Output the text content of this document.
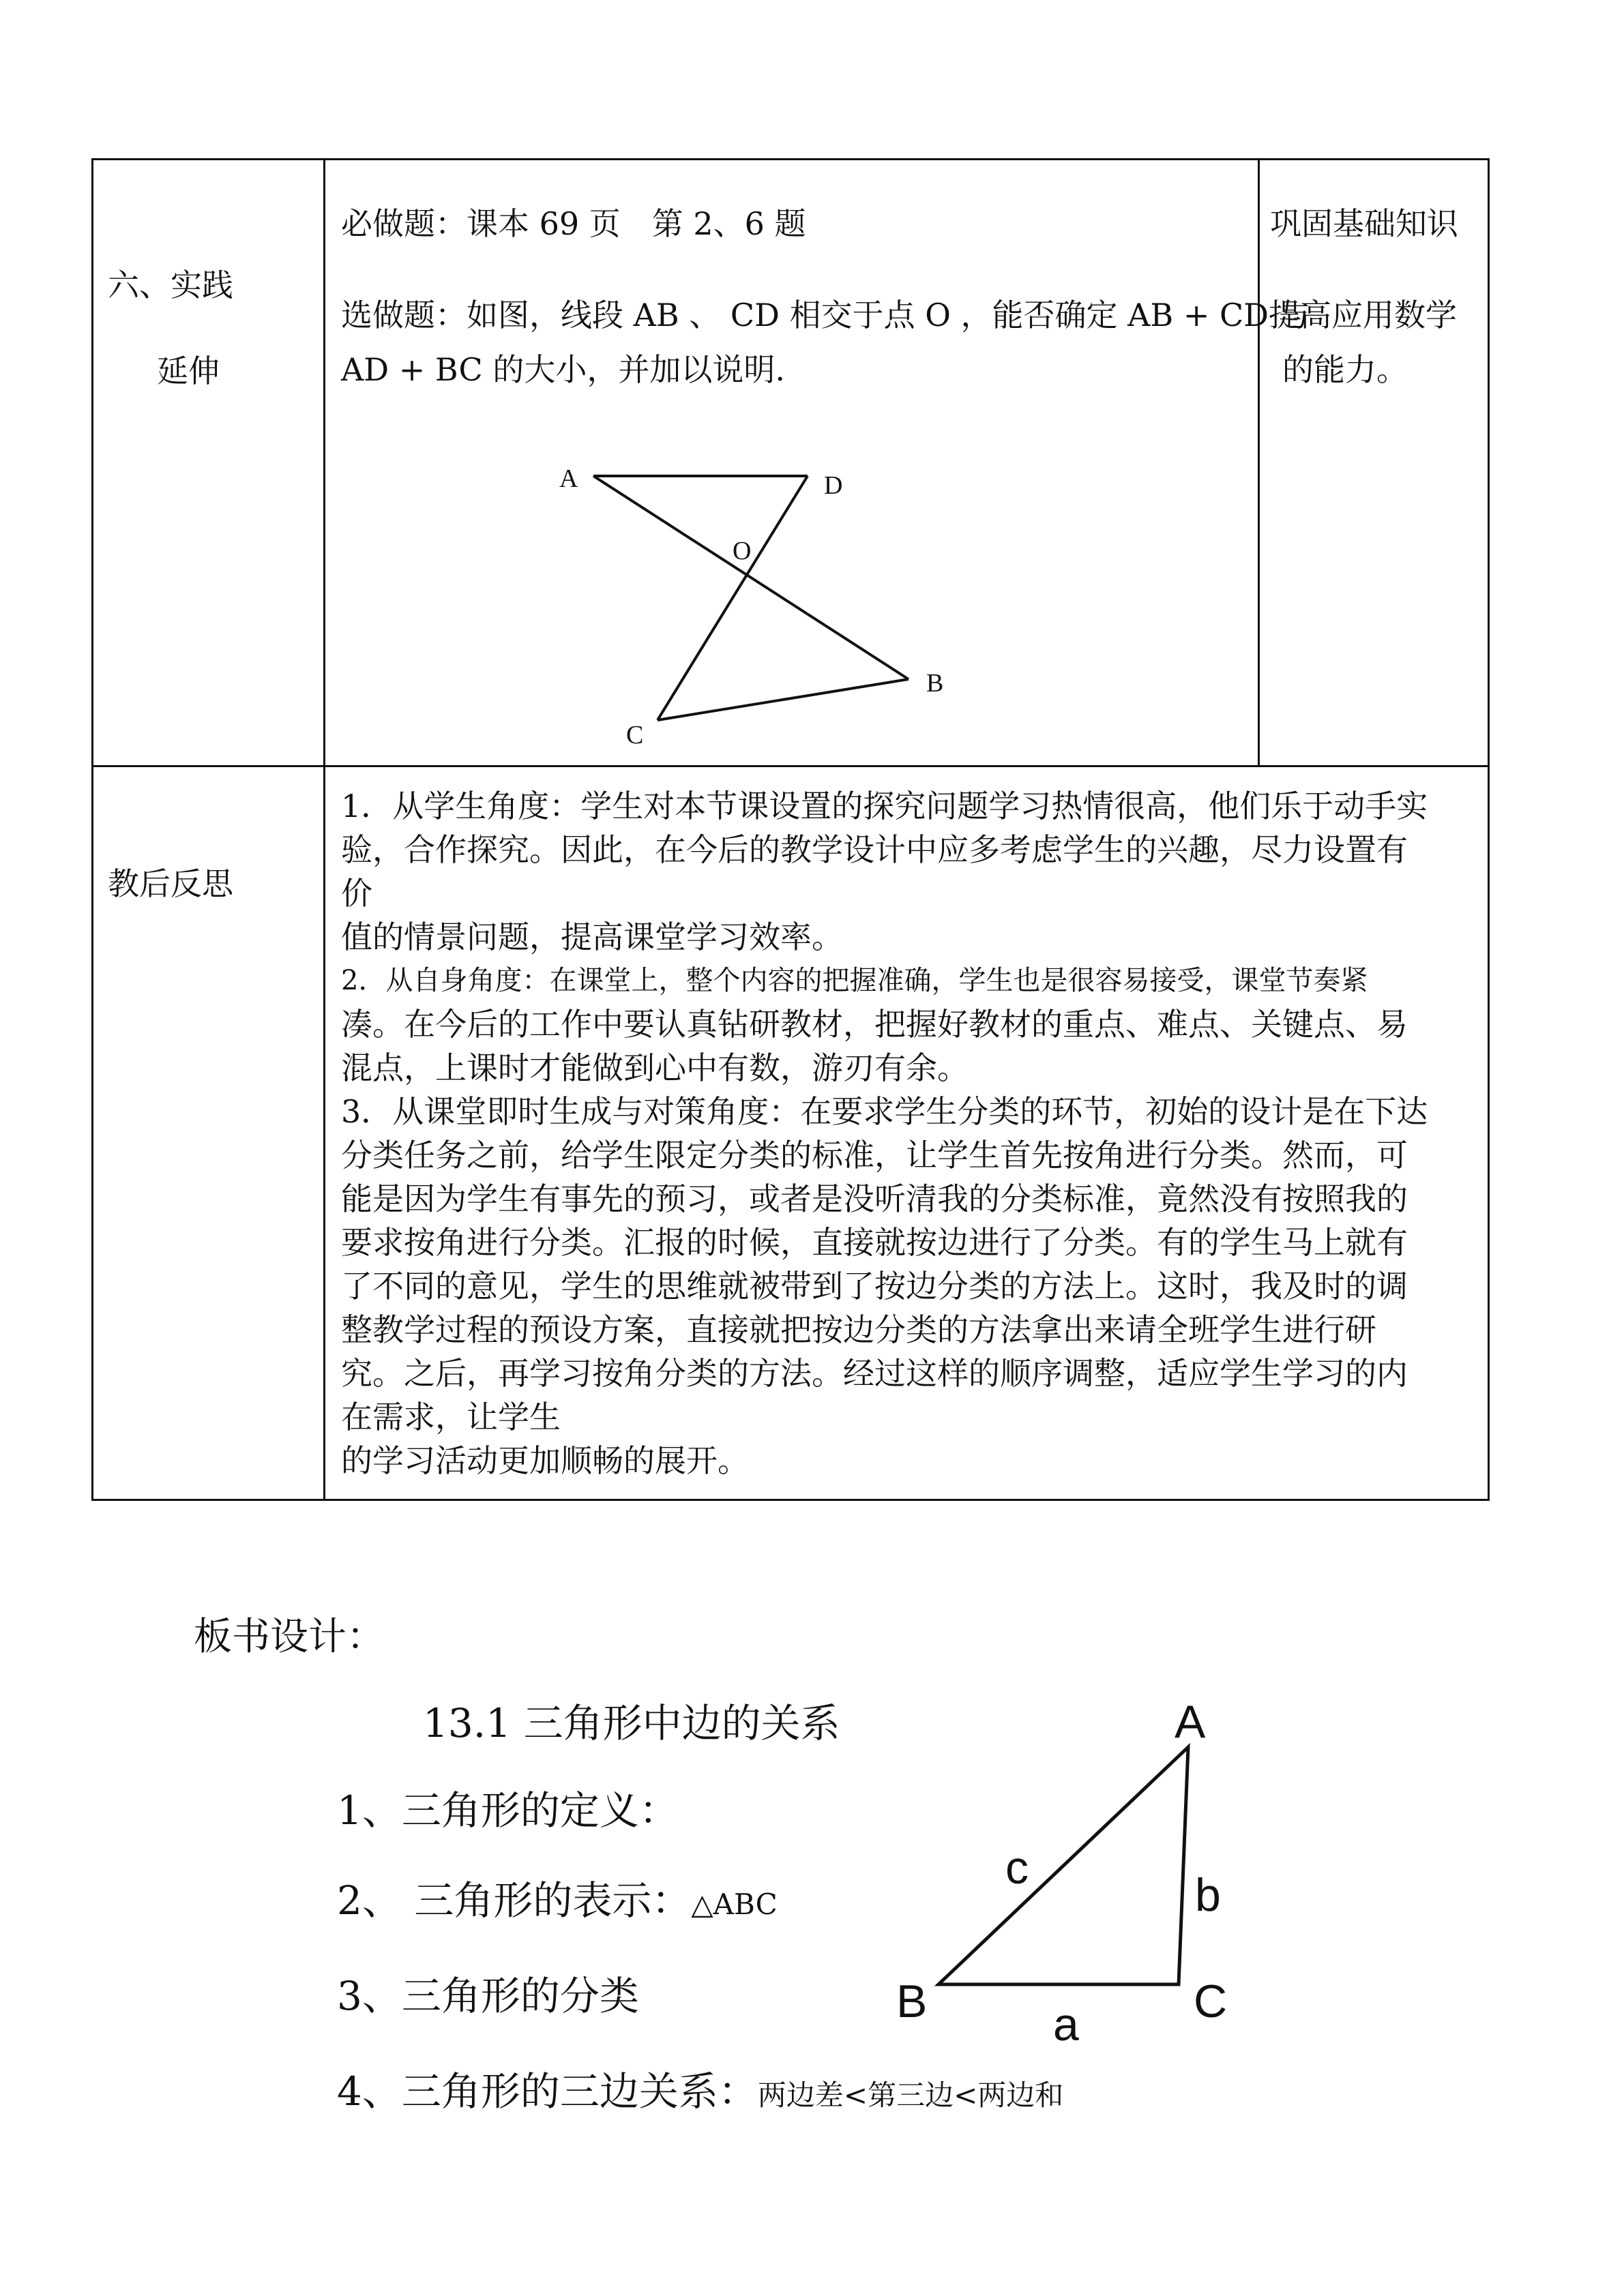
六、实践
延伸
必做题：课本 69 页　第 2、6 题
选做题：如图，线段 AB 、 CD 相交于点 O ，能否确定 AB + CD 与
AD + BC 的大小，并加以说明.
巩固基础知识
提高应用数学
的能力。
A	D
O
B
C
教后反思
1．从学生角度：学生对本节课设置的探究问题学习热情很高，他们乐于动手实
验，合作探究。因此，在今后的教学设计中应多考虑学生的兴趣，尽力设置有
价
值的情景问题，提高课堂学习效率。
2．从自身角度：在课堂上，整个内容的把握准确，学生也是很容易接受，课堂节奏紧
凑。在今后的工作中要认真钻研教材，把握好教材的重点、难点、关键点、易
混点，上课时才能做到心中有数，游刃有余。
3．从课堂即时生成与对策角度：在要求学生分类的环节，初始的设计是在下达
分类任务之前，给学生限定分类的标准，让学生首先按角进行分类。然而，可
能是因为学生有事先的预习，或者是没听清我的分类标准，竟然没有按照我的
要求按角进行分类。汇报的时候，直接就按边进行了分类。有的学生马上就有
了不同的意见，学生的思维就被带到了按边分类的方法上。这时，我及时的调
整教学过程的预设方案，直接就把按边分类的方法拿出来请全班学生进行研
究。之后，再学习按角分类的方法。经过这样的顺序调整，适应学生学习的内
在需求，让学生
的学习活动更加顺畅的展开。
板书设计：
13.1 三角形中边的关系
1、三角形的定义：
2、 三角形的表示：△ABC
3、三角形的分类
4、三角形的三边关系：两边差<第三边<两边和
A
B	C
a
b
c
